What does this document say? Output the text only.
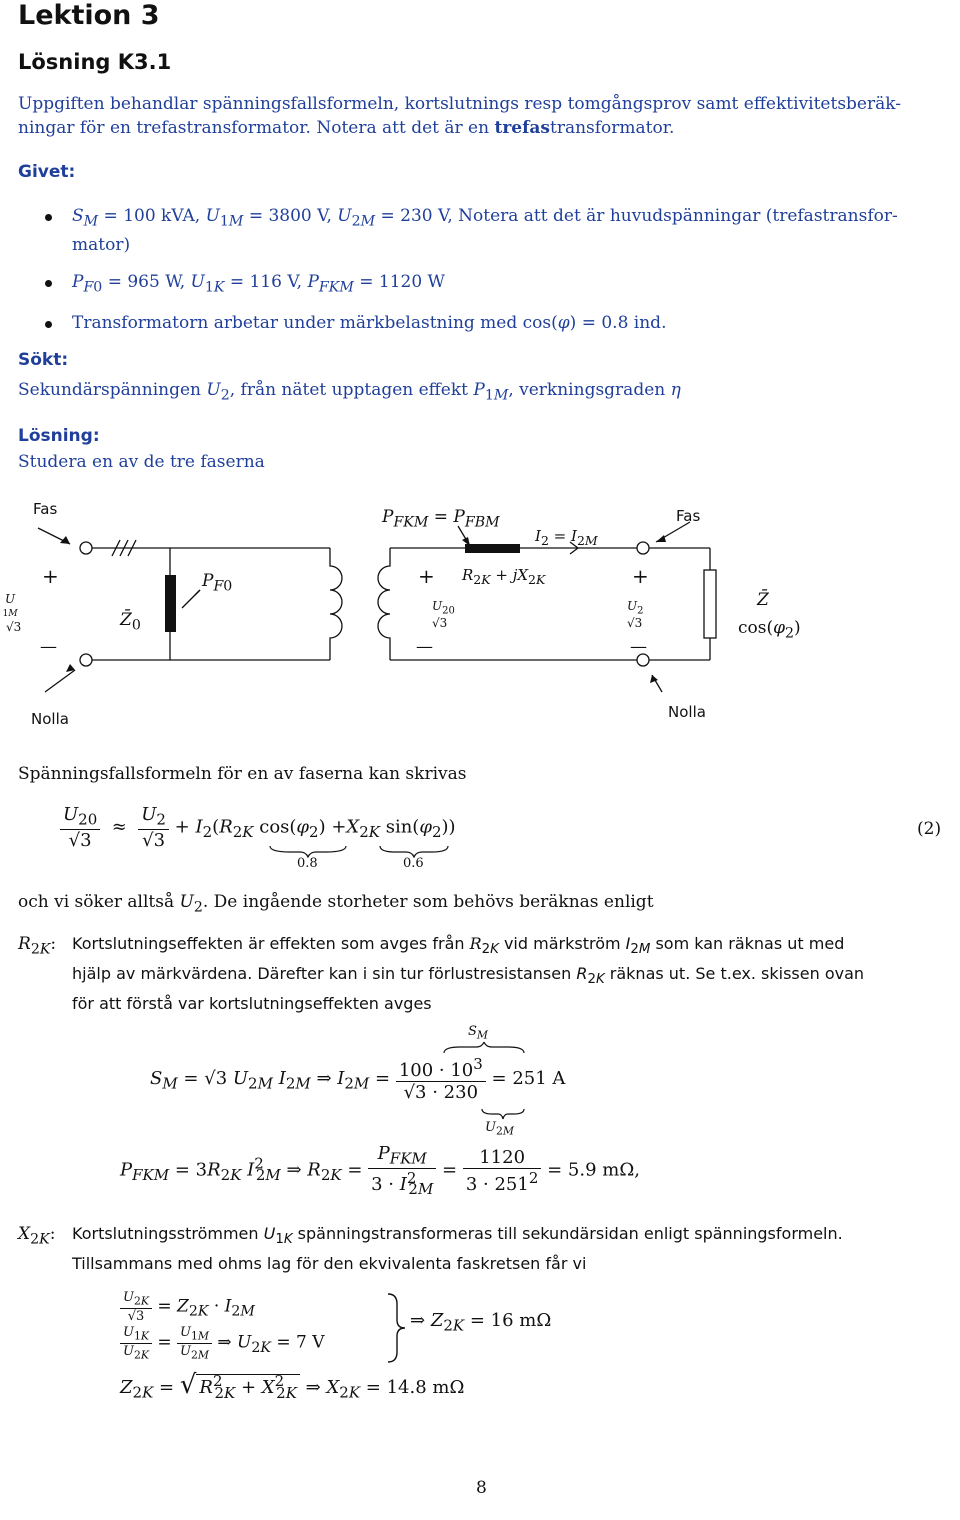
Lektion 3
Lösning K3.1
Uppgiften behandlar spänningsfallsformeln, kortslutnings resp tomgångsprov samt effektivitetsberäk-
ningar för en trefastransformator. Notera att det är en trefastransformator.
Givet:
$S_M = 100$ kVA, $U_{1M} = 3800$ V, $U_{2M} = 230$ V, Notera att det är huvudspänningar (trefastransfor-
mator)
$P_{F0} = 965$ W, $U_{1K} = 116$ V, $P_{FKM} = 1120$ W
Transformatorn arbetar under märkbelastning med cos(φ) = 0.8 ind.
Sökt:
Sekundärspänningen $U_2$, från nätet upptagen effekt $P_{1M}$, verkningsgraden η
Lösning:
Studera en av de tre faserna
Fas	Fas
Nolla	Nolla
+	+	+
—	—	—
U
1M
√3	$Z̄_0$
$P_{F0}$
$P_{FKM} = P_{FBM}$
$I_2 = I_{2M}$
$R_{2K} + jX_{2K}$
$U_{20}$
√3
$U_2$
√3
Z̄
$\cos(\varphi_2)$
Spänningsfallsformeln för en av faserna kan skrivas
$\frac{U_{20}}{√3} \approx \frac{U_2}{√3} + I_2(R_{2K}$ $\cos(\varphi_2) +X_{2K}$ $\sin(\varphi_2)$)
0.8	0.6
(2)
och vi söker alltså $U_2$. De ingående storheter som behövs beräknas enligt
$R_{2K}$: Kortslutningseffekten är effekten som avges från $R_{2K}$ vid märkström $I_{2M}$ som kan räknas ut med
hjälp av märkvärdena. Därefter kan i sin tur förlustresistansen $R_{2K}$ räknas ut. Se t.ex. skissen ovan
för att förstå var kortslutningseffekten avges
$S_M$
$S_M = √3$ $U_{2M}$ $I_{2M}$ ⇒ $I_{2M} = \frac{100 \cdot 10^3}{√3 \cdot 230} = 251$ A
$U_{2M}$
$P_{FKM} = 3R_{2K}$ $I^2_{2M}$ ⇒ $R_{2K} = \frac{P_{FKM}}{3 \cdot I^2_{2M}} = \frac{1120}{3 \cdot 251^2} = 5.9$ mΩ,
$X_{2K}$: Kortslutningsströmmen $U_{1K}$ spänningstransformeras till sekundärsidan enligt spänningsformeln.
Tillsammans med ohms lag för den ekvivalenta faskretsen får vi
$\frac{U_{2K}}{√3} = Z_{2K} \cdot I_{2M}$
$\frac{U_{1K}}{U_{2K}} = \frac{U_{1M}}{U_{2M}}$ ⇒ $U_{2K} = 7$ V
⇒ $Z_{2K} = 16$ mΩ
$Z_{2K}$ = √ $R^2_{2K} + X^2_{2K}$ ⇒ $X_{2K} = 14.8$ mΩ
8
